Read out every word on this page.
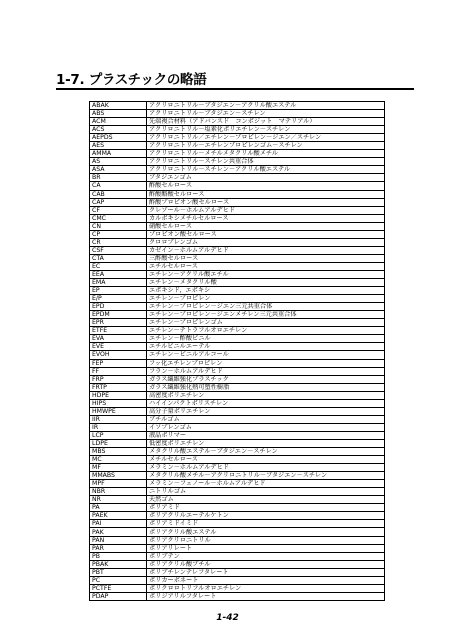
1-7. プラスチックの略語
ABAK	アクリロニトリル－ブタジエン－アクリル酸エステル
ABS	アクリロニトリル－ブタジエン－スチレン
ACM	先端複合材料（アドバンスド　コンポジット　マテリアル）
ACS	アクリロニトリル－塩素化ポリエチレン－スチレン
AEPDS	アクリロニトリル／エチレン－プロピレン－ジエン／スチレン
AES	アクリロニトリル－エチレンプロピレンゴム－スチレン
AMMA	アクリロニトリル－メチルメタクリル酸メチル
AS	アクリロニトリル－スチレン共重合体
ASA	アクリロニトリル－スチレン－アクリル酸エステル
BR	ブタジエンゴム
CA	酢酸セルロース
CAB	酢酸酪酸セルロース
CAP	酢酸プロピオン酸セルロース
CF	クレゾール－ホルムアルデヒド
CMC	カルボキシメチルセルロース
CN	硝酸セルロース
CP	プロピオン酸セルロース
CR	クロロプレンゴム
CSF	カゼイン－ホルムアルデヒド
CTA	三酢酸セルロース
EC	エチルセルロース
EEA	エチレン－アクリル酸エチル
EMA	エチレン－メタクリル酸
EP	エポキシド，エポキシ
E/P	エチレン－プロピレン
EPD	エチレン－プロピレン－ジエン三元共重合体
EPDM	エチレン－プロピレン－ジエンメチレン三元共重合体
EPR	エチレン－プロピレンゴム
ETFE	エチレン－テトラフルオロエチレン
EVA	エチレン－酢酸ビニル
EVE	エチルビニルエーテル
EVOH	エチレン－ビニルアルコール
FEP	フッ化エチレンプロピレン
FF	フラン－ホルムアルデヒド
FRP	ガラス繊維強化プラスチック
FRTP	ガラス繊維強化熱可塑性樹脂
HDPE	高密度ポリエチレン
HIPS	ハイインパクトポリスチレン
HMWPE	高分子量ポリエチレン
IIR	ブチルゴム
IR	イソプレンゴム
LCP	液晶ポリマー
LDPE	低密度ポリエチレン
MBS	メタクリル酸エステル－ブタジエン－スチレン
MC	メチルセルロース
MF	メラミン－ホルムアルデヒド
MMABS	メタクリル酸メチル－アクリロニトリル－ブタジエン－スチレン
MPF	メラミン－フェノール－ホルムアルデヒド
NBR	ニトリルゴム
NR	天然ゴム
PA	ポリアミド
PAEK	ポリアクリルエーテルケトン
PAI	ポリアミドイミド
PAK	ポリアクリル酸エステル
PAN	ポリアクリロニトリル
PAR	ポリアリレート
PB	ポリブテン
PBAK	ポリアクリル酸ブチル
PBT	ポリブチレンテレフタレート
PC	ポリカーボネート
PCTFE	ポリクロロトリフルオロエチレン
PDAP	ポリジアリルフタレート
1-42
